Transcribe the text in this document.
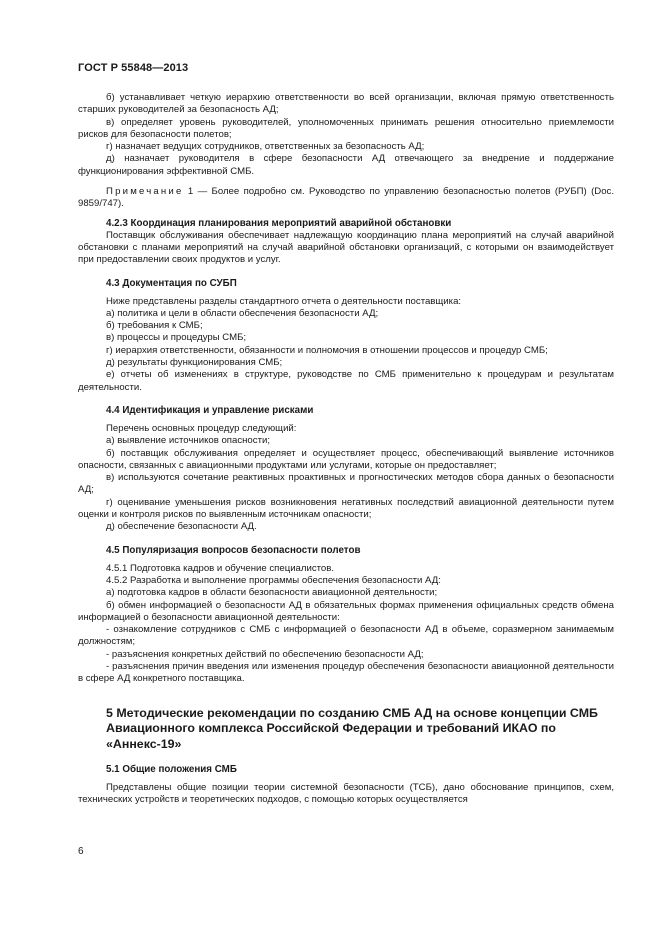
ГОСТ Р 55848—2013

б) устанавливает четкую иерархию ответственности во всей организации, включая прямую ответственность старших руководителей за безопасность АД;

в) определяет уровень руководителей, уполномоченных принимать решения относительно приемлемости рисков для безопасности полетов;

г) назначает ведущих сотрудников, ответственных за безопасность АД;

д) назначает руководителя в сфере безопасности АД отвечающего за внедрение и поддержание функционирования эффективной СМБ.

Примечание 1 — Более подробно см. Руководство по управлению безопасностью полетов (РУБП) (Doc. 9859/747).

4.2.3 Координация планирования мероприятий аварийной обстановки

Поставщик обслуживания обеспечивает надлежащую координацию плана мероприятий на случай аварийной обстановки с планами мероприятий на случай аварийной обстановки организаций, с которыми он взаимодействует при предоставлении своих продуктов и услуг.

4.3 Документация по СУБП

Ниже представлены разделы стандартного отчета о деятельности поставщика:

а) политика и цели в области обеспечения безопасности АД;

б) требования к СМБ;

в) процессы и процедуры СМБ;

г) иерархия ответственности, обязанности и полномочия в отношении процессов и процедур СМБ;

д) результаты функционирования СМБ;

е) отчеты об изменениях в структуре, руководстве по СМБ применительно к процедурам и результатам деятельности.

4.4 Идентификация и управление рисками

Перечень основных процедур следующий:

а) выявление источников опасности;

б) поставщик обслуживания определяет и осуществляет процесс, обеспечивающий выявление источников опасности, связанных с авиационными продуктами или услугами, которые он предоставляет;

в) используются сочетание реактивных проактивных и прогностических методов сбора данных о безопасности АД;

г) оценивание уменьшения рисков возникновения негативных последствий авиационной деятельности путем оценки и контроля рисков по выявленным источникам опасности;

д) обеспечение безопасности АД.

4.5 Популяризация вопросов безопасности полетов

4.5.1 Подготовка кадров и обучение специалистов.

4.5.2 Разработка и выполнение программы обеспечения безопасности АД:

а) подготовка кадров в области безопасности авиационной деятельности;

б) обмен информацией о безопасности АД в обязательных формах применения официальных средств обмена информацией о безопасности авиационной деятельности:

- ознакомление сотрудников с СМБ с информацией о безопасности АД в объеме, соразмерном занимаемым должностям;

- разъяснения конкретных действий по обеспечению безопасности АД;

- разъяснения причин введения или изменения процедур обеспечения безопасности авиационной деятельности в сфере АД конкретного поставщика.

5 Методические рекомендации по созданию СМБ АД на основе концепции СМБ Авиационного комплекса Российской Федерации и требований ИКАО по «Аннекс-19»
5.1 Общие положения СМБ

Представлены общие позиции теории системной безопасности (ТСБ), дано обоснование принципов, схем, технических устройств и теоретических подходов, с помощью которых осуществляется

6
